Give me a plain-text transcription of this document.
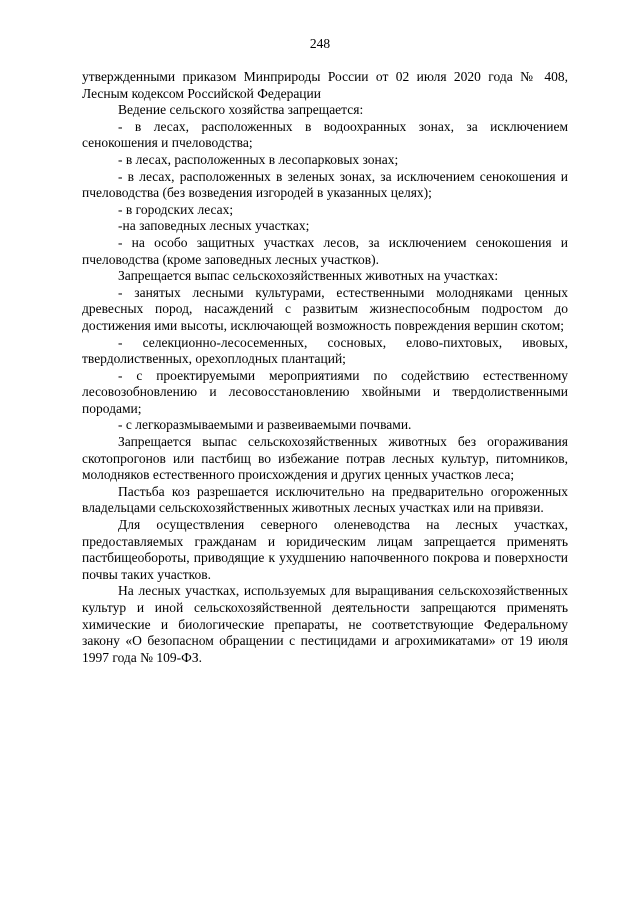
248

утвержденными приказом Минприроды России от 02 июля 2020 года № 408, Лесным кодексом Российской Федерации

Ведение сельского хозяйства запрещается:

- в лесах, расположенных в водоохранных зонах, за исключением сенокошения и пчеловодства;

- в лесах, расположенных в лесопарковых зонах;

- в лесах, расположенных в зеленых зонах, за исключением сенокошения и пчеловодства (без возведения изгородей в указанных целях);

- в городских лесах;

-на заповедных лесных участках;

- на особо защитных участках лесов, за исключением сенокошения и пчеловодства (кроме заповедных лесных участков).

Запрещается выпас сельскохозяйственных животных на участках:

- занятых лесными культурами, естественными молодняками ценных древесных пород, насаждений с развитым жизнеспособным подростом до достижения ими высоты, исключающей возможность повреждения вершин скотом;

- селекционно-лесосеменных, сосновых, елово-пихтовых, ивовых, твердолиственных, орехоплодных плантаций;

- с проектируемыми мероприятиями по содействию естественному лесовозобновлению и лесовосстановлению хвойными и твердолиственными породами;

- с легкоразмываемыми и развеиваемыми почвами.

Запрещается выпас сельскохозяйственных животных без огораживания скотопрогонов или пастбищ во избежание потрав лесных культур, питомников, молодняков естественного происхождения и других ценных участков леса;

Пастьба коз разрешается исключительно на предварительно огороженных владельцами сельскохозяйственных животных лесных участках или на привязи.

Для осуществления северного оленеводства на лесных участках, предоставляемых гражданам и юридическим лицам запрещается применять пастбищеобороты, приводящие к ухудшению напочвенного покрова и поверхности почвы таких участков.

На лесных участках, используемых для выращивания сельскохозяйственных культур и иной сельскохозяйственной деятельности запрещаются применять химические и биологические препараты, не соответствующие Федеральному закону «О безопасном обращении с пестицидами и агрохимикатами» от 19 июля 1997 года № 109-ФЗ.
